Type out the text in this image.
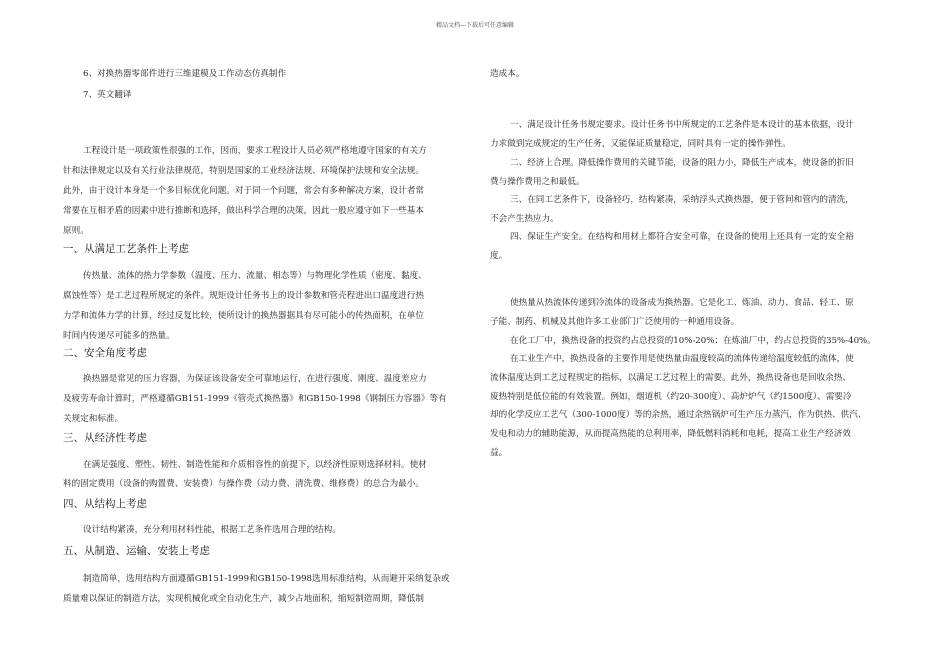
精品文档---下载后可任意编辑
6、对换热器零部件进行三维建模及工作动态仿真制作
7、英文翻译
工程设计是一项政策性很强的工作，因而，要求工程设计人员必须严格地遵守国家的有关方
针和法律规定以及有关行业法律规范，特别是国家的工业经济法规、环境保护法规和安全法规。
此外，由于设计本身是一个多目标优化问题。对于同一个问题，常会有多种解决方案，设计者常
常要在互相矛盾的因素中进行推断和选择，做出科学合理的决策，因此一般应遵守如下一些基本
原则。
一、从满足工艺条件上考虑
传热量、流体的热力学参数（温度、压力、流量、相态等）与物理化学性质（密度、黏度、
腐蚀性等）是工艺过程所规定的条件。规矩设计任务书上的设计参数和管壳程进出口温度进行热
力学和流体力学的计算，经过反复比较，使所设计的换热器据具有尽可能小的传热面积，在单位
时间内传递尽可能多的热量。
二、安全角度考虑
换热器是常见的压力容器，为保证该设备安全可靠地运行，在进行强度、刚度、温度差应力
及疲劳寿命计算时，严格遵循GB151-1999《管壳式换热器》和GB150-1998《钢制压力容器》等有
关规定和标准。
三、从经济性考虑
在满足强度、塑性、韧性、制造性能和介质相容性的前提下，以经济性原则选择材料。使材
料的固定费用（设备的购置费、安装费）与操作费（动力费、清洗费、维修费）的总合为最小。
四、从结构上考虑
设计结构紧凑，充分利用材料性能，根据工艺条件选用合理的结构。
五、从制造、运输、安装上考虑
制造简单，选用结构方面遵循GB151-1999和GB150-1998选用标准结构，从而避开采纳复杂或
质量难以保证的制造方法，实现机械化或全自动化生产，减少占地面积，缩短制造周期，降低制
造成本。
一、满足设计任务书规定要求。设计任务书中所规定的工艺条件是本设计的基本依据，设计
力求做到完成规定的生产任务，又能保证质量稳定，同时具有一定的操作弹性。
二、经济上合理。降低操作费用的关键节能，设备的阻力小，降低生产成本，使设备的折旧
费与操作费用之和最低。
三、在同工艺条件下，设备轻巧，结构紧凑，采纳浮头式换热器，便于管间和管内的清洗，
不会产生热应力。
四、保证生产安全。在结构和用材上都符合安全可靠，在设备的使用上还具有一定的安全裕
度。
使热量从热流体传递到冷流体的设备成为换热器。它是化工、炼油、动力、食品、轻工、原
子能、制药、机械及其他许多工业部门广泛使用的一种通用设备。
在化工厂中，换热设备的投资约占总投资的10%-20%；在炼油厂中，约占总投资的35%-40%。
在工业生产中，换热设备的主要作用是使热量由温度较高的流体传递给温度较低的流体，使
流体温度达到工艺过程规定的指标，以满足工艺过程上的需要。此外，换热设备也是回收余热、
废热特别是低位能的有效装置。例如，烟道机（约20-300度）、高炉炉气（约1500度）、需要冷
却的化学反应工艺气（300-1000度）等的余热，通过余热锅炉可生产压力蒸汽，作为供热、供汽、
发电和动力的辅助能源，从而提高热能的总利用率，降低燃料消耗和电耗，提高工业生产经济效
益。
